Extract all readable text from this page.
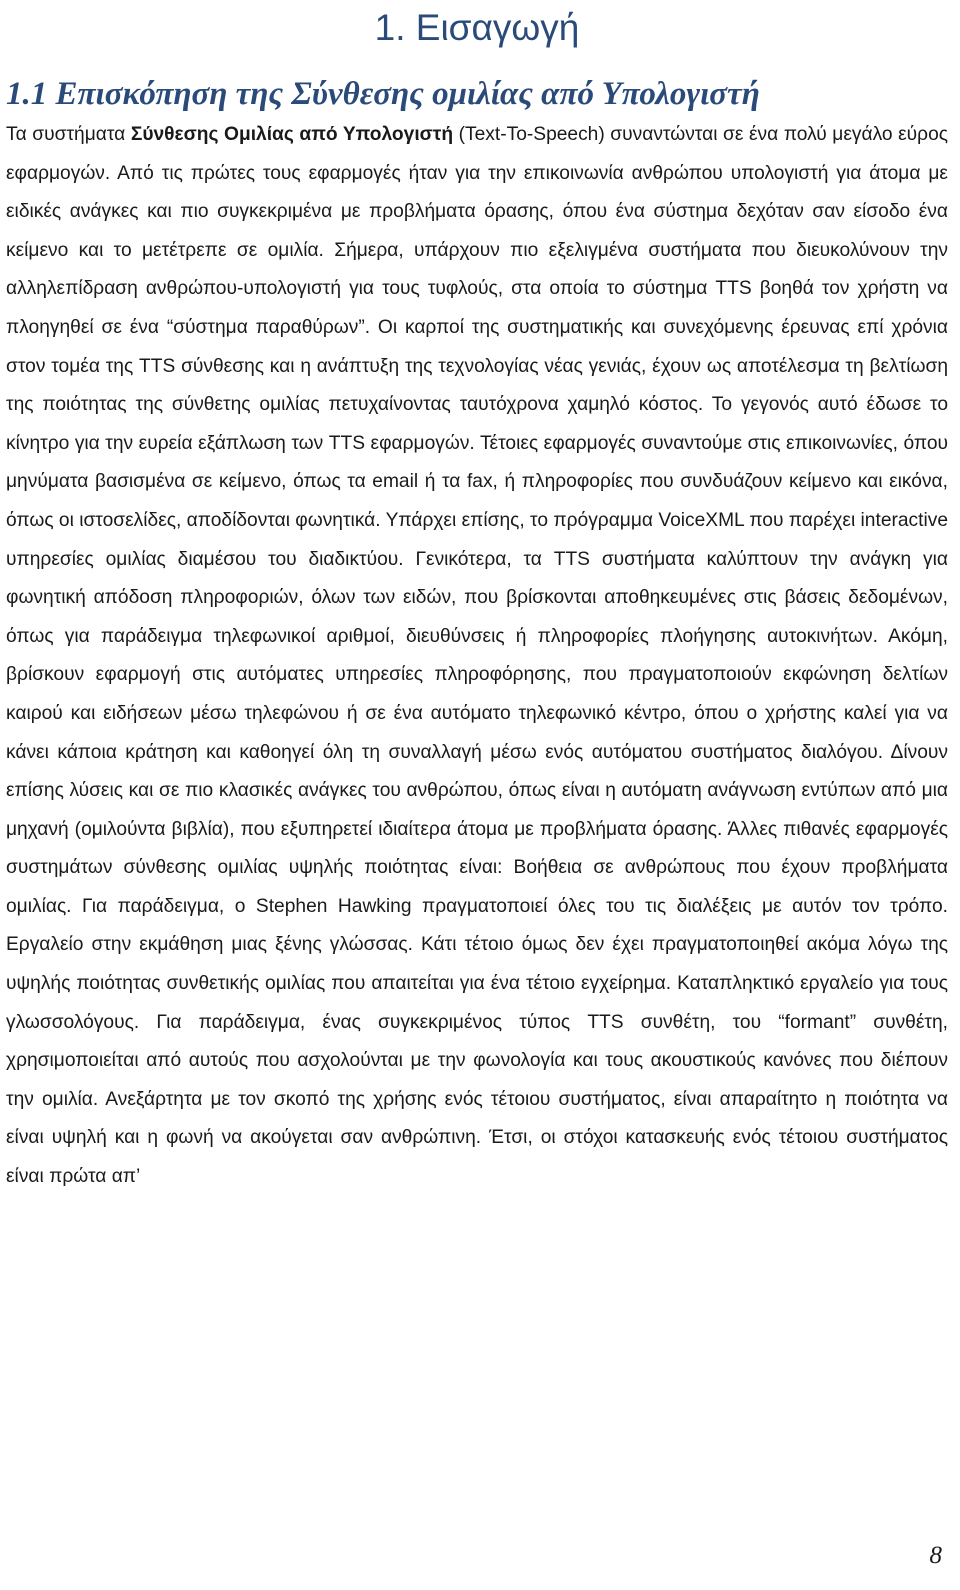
1. Εισαγωγή
1.1 Επισκόπηση της Σύνθεσης ομιλίας από Υπολογιστή

Τα συστήματα Σύνθεσης Ομιλίας από Υπολογιστή (Text-To-Speech) συναντώνται σε ένα πολύ μεγάλο εύρος εφαρμογών. Από τις πρώτες τους εφαρμογές ήταν για την επικοινωνία ανθρώπου υπολογιστή για άτομα με ειδικές ανάγκες και πιο συγκεκριμένα με προβλήματα όρασης, όπου ένα σύστημα δεχόταν σαν είσοδο ένα κείμενο και το μετέτρεπε σε ομιλία. Σήμερα, υπάρχουν πιο εξελιγμένα συστήματα που διευκολύνουν την αλληλεπίδραση ανθρώπου-υπολογιστή για τους τυφλούς, στα οποία το σύστημα TTS βοηθά τον χρήστη να πλοηγηθεί σε ένα “σύστημα παραθύρων”. Οι καρποί της συστηματικής και συνεχόμενης έρευνας επί χρόνια στον τομέα της TTS σύνθεσης και η ανάπτυξη της τεχνολογίας νέας γενιάς, έχουν ως αποτέλεσμα τη βελτίωση της ποιότητας της σύνθετης ομιλίας πετυχαίνοντας ταυτόχρονα χαμηλό κόστος. Το γεγονός αυτό έδωσε το κίνητρο για την ευρεία εξάπλωση των TTS εφαρμογών. Τέτοιες εφαρμογές συναντούμε στις επικοινωνίες, όπου μηνύματα βασισμένα σε κείμενο, όπως τα email ή τα fax, ή πληροφορίες που συνδυάζουν κείμενο και εικόνα, όπως οι ιστοσελίδες, αποδίδονται φωνητικά. Υπάρχει επίσης, το πρόγραμμα VoiceXML που παρέχει interactive υπηρεσίες ομιλίας διαμέσου του διαδικτύου. Γενικότερα, τα TTS συστήματα καλύπτουν την ανάγκη για φωνητική απόδοση πληροφοριών, όλων των ειδών, που βρίσκονται αποθηκευμένες στις βάσεις δεδομένων, όπως για παράδειγμα τηλεφωνικοί αριθμοί, διευθύνσεις ή πληροφορίες πλοήγησης αυτοκινήτων. Ακόμη, βρίσκουν εφαρμογή στις αυτόματες υπηρεσίες πληροφόρησης, που πραγματοποιούν εκφώνηση δελτίων καιρού και ειδήσεων μέσω τηλεφώνου ή σε ένα αυτόματο τηλεφωνικό κέντρο, όπου ο χρήστης καλεί για να κάνει κάποια κράτηση και καθοηγεί όλη τη συναλλαγή μέσω ενός αυτόματου συστήματος διαλόγου. Δίνουν επίσης λύσεις και σε πιο κλασικές ανάγκες του ανθρώπου, όπως είναι η αυτόματη ανάγνωση εντύπων από μια μηχανή (ομιλούντα βιβλία), που εξυπηρετεί ιδιαίτερα άτομα με προβλήματα όρασης. Άλλες πιθανές εφαρμογές συστημάτων σύνθεσης ομιλίας υψηλής ποιότητας είναι: Βοήθεια σε ανθρώπους που έχουν προβλήματα ομιλίας. Για παράδειγμα, ο Stephen Hawking πραγματοποιεί όλες του τις διαλέξεις με αυτόν τον τρόπο. Εργαλείο στην εκμάθηση μιας ξένης γλώσσας. Κάτι τέτοιο όμως δεν έχει πραγματοποιηθεί ακόμα λόγω της υψηλής ποιότητας συνθετικής ομιλίας που απαιτείται για ένα τέτοιο εγχείρημα. Καταπληκτικό εργαλείο για τους γλωσσολόγους. Για παράδειγμα, ένας συγκεκριμένος τύπος TTS συνθέτη, του “formant” συνθέτη, χρησιμοποιείται από αυτούς που ασχολούνται με την φωνολογία και τους ακουστικούς κανόνες που διέπουν την ομιλία. Ανεξάρτητα με τον σκοπό της χρήσης ενός τέτοιου συστήματος, είναι απαραίτητο η ποιότητα να είναι υψηλή και η φωνή να ακούγεται σαν ανθρώπινη. Έτσι, οι στόχοι κατασκευής ενός τέτοιου συστήματος είναι πρώτα απ’

8
